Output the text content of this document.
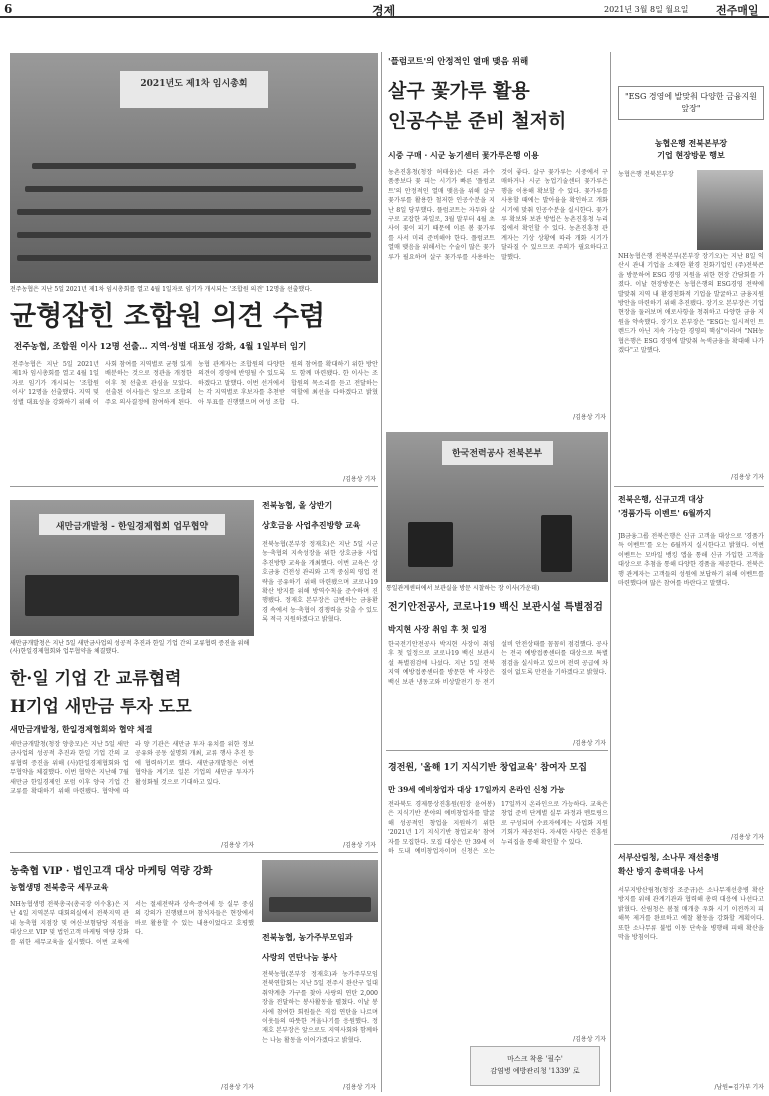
6	경제	2021년 3월 8일 월요일 전주매일
2021년도 제1차 임시총회
전주농협은 지난 5일 2021년 제1차 임시총회를 열고 4월 1일자로 임기가 개시되는 '조합원 의견' 12명을 선출했다.
균형잡힌 조합원 의견 수렴
전주농협, 조합원 이사 12명 선출… 지역·성별 대표성 강화, 4월 1일부터 임기
전주농협은 지난 5일 2021년 제1차 임시총회를 열고 4월 1일자로 임기가 개시되는 '조합원 이사' 12명을 선출했다. 지역 및 성별 대표성을 강화하기 위해 이사회 참여를 지역별로 균형 있게 배분하는 것으로 정관을 개정한 이후 첫 선출로 관심을 모았다. 선출된 이사들은 앞으로 조합의 주요 의사결정에 참여하게 된다. 농협 관계자는 조합원의 다양한 의견이 경영에 반영될 수 있도록 하겠다고 말했다. 이번 선거에서는 각 지역별로 후보자를 추천받아 투표를 진행했으며 여성 조합원의 참여를 확대하기 위한 방안도 함께 마련됐다. 한 이사는 조합원의 목소리를 듣고 전달하는 역할에 최선을 다하겠다고 밝혔다.
/김용상 기자
'플럼코트'의 안정적인 열매 맺음 위해
살구 꽃가루 활용
인공수분 준비 철저히
시중 구매 · 시군 농기센터 꽃가루은행 이용
농촌진흥청(청장 허태웅)은 다른 과수 품종보다 꽃 피는 시기가 빠른 '플럼코트'의 안정적인 열매 맺음을 위해 살구 꽃가루를 활용한 철저한 인공수분을 지난 8일 당부했다. 플럼코트는 자두와 살구로 교잡한 과일로, 3월 말부터 4월 초 사이 꽃이 피기 때문에 이른 봄 꽃가루를 사서 미리 준비해야 한다. 플럼코트 열매 맺음을 위해서는 수술이 많은 꽃가루가 필요하며 살구 꽃가루를 사용하는 것이 좋다. 살구 꽃가루는 시중에서 구매하거나 시군 농업기술센터 꽃가루은행을 이용해 확보할 수 있다. 꽃가루를 사용할 때에는 발아율을 확인하고 개화 시기에 맞춰 인공수분을 실시한다. 꽃가루 확보와 보관 방법은 농촌진흥청 누리집에서 확인할 수 있다. 농촌진흥청 관계자는 기상 상황에 따라 개화 시기가 달라질 수 있으므로 주의가 필요하다고 말했다.
/김용상 기자
한국전력공사 전북본부
통일관계센터에서 보관실을 방문 시찰하는 장 이사(가운데)
"ESG 경영에 발맞춰 다양한 금융지원 앞장"
농협은행 전북본부장
기업 현장방문 행보
농협은행 전북본부장
NH농협은행 전북본부(본부장 장기오)는 지난 8일 익산시 관내 기업을 소재한 환경 친화기업인 (주)전북콘을 방문하여 ESG 경영 지원을 위한 현장 간담회를 가졌다. 이날 현장방문은 농협은행의 ESG경영 전략에 발맞춰 지역 내 환경친화적 기업을 발굴하고 금융지원 방안을 마련하기 위해 추진됐다. 장기오 본부장은 기업 현장을 둘러보며 애로사항을 청취하고 다양한 금융 지원을 약속했다. 장기오 본부장은 "ESG는 일시적인 트렌드가 아닌 지속 가능한 경영의 핵심"이라며 "NH농협은행은 ESG 경영에 발맞춰 녹색금융을 확대해 나가겠다"고 말했다.
/김용상 기자
전북은행, 신규고객 대상
'경품가득 이벤트' 6월까지
JB금융그룹 전북은행은 신규 고객을 대상으로 '경품가득 이벤트'를 오는 6월까지 실시한다고 밝혔다. 이번 이벤트는 모바일 뱅킹 앱을 통해 신규 가입한 고객을 대상으로 추첨을 통해 다양한 경품을 제공한다. 전북은행 관계자는 고객들의 성원에 보답하기 위해 이벤트를 마련했다며 많은 참여를 바란다고 말했다.
/김용상 기자
서부산림청, 소나무 재선충병
확산 방지 총력대응 나서
서부지방산림청(청장 조준규)은 소나무재선충병 확산 방지를 위해 관계기관과 협력해 총력 대응에 나선다고 밝혔다. 산림청은 봄철 매개충 우화 시기 이전까지 피해목 제거를 완료하고 예찰 활동을 강화할 계획이다. 또한 소나무류 불법 이동 단속을 병행해 피해 확산을 막을 방침이다.
/남원=김가부 기자
새만금개발청 - 한일경제협회 업무협약
새만금개발청은 지난 5일 새만금사업의 성공적 추진과 한일 기업 간의 교류협력 증진을 위해 (사)한일경제협회와 업무협약을 체결했다.
한·일 기업 간 교류협력
H기업 새만금 투자 도모
새만금개발청, 한일경제협회와 협약 체결
새만금개발청(청장 양충모)은 지난 5일 새만금사업의 성공적 추진과 한일 기업 간의 교류협력 증진을 위해 (사)한일경제협회와 업무협약을 체결했다. 이번 협약은 지난해 7월 새만금 한일경제인 포럼 이후 양국 기업 간 교류를 확대하기 위해 마련됐다. 협약에 따라 양 기관은 새만금 투자 유치를 위한 정보 공유와 공동 설명회 개최, 교류 행사 추진 등에 협력하기로 했다. 새만금개발청은 이번 협약을 계기로 일본 기업의 새만금 투자가 활성화될 것으로 기대하고 있다.
/김용상 기자
전북농협, 올 상반기
상호금융 사업추진방향 교육
전북농협(본부장 정재호)은 지난 5일 시군 농·축협의 지속성장을 위한 상호금융 사업추진방향 교육을 개최했다. 이번 교육은 상호금융 건전성 관리와 고객 중심의 영업 전략을 공유하기 위해 마련됐으며 코로나19 확산 방지를 위해 방역수칙을 준수하며 진행됐다. 정재호 본부장은 급변하는 금융환경 속에서 농·축협이 경쟁력을 갖출 수 있도록 적극 지원하겠다고 밝혔다.
/김용상 기자
전기안전공사, 코로나19 백신 보관시설 특별점검
박지현 사장 취임 후 첫 일정
한국전기안전공사 박지현 사장이 취임 후 첫 일정으로 코로나19 백신 보관시설 특별점검에 나섰다. 지난 5일 전북 지역 예방접종센터를 방문한 박 사장은 백신 보관 냉동고와 비상발전기 등 전기설비 안전상태를 꼼꼼히 점검했다. 공사는 전국 예방접종센터를 대상으로 특별점검을 실시하고 있으며 전력 공급에 차질이 없도록 만전을 기하겠다고 밝혔다.
/김용상 기자
경전원, '올해 1기 지식기반 창업교육' 참여자 모집
만 39세 예비창업자 대상 17일까지 온라인 신청 가능
전라북도 경제통상진흥원(원장 윤여봉)은 지식기반 분야의 예비창업자를 발굴해 성공적인 창업을 지원하기 위한 '2021년 1기 지식기반 창업교육' 참여자를 모집한다. 모집 대상은 만 39세 이하 도내 예비창업자이며 신청은 오는 17일까지 온라인으로 가능하다. 교육은 창업 준비 단계별 실무 과정과 멘토링으로 구성되며 수료자에게는 사업화 지원 기회가 제공된다. 자세한 사항은 진흥원 누리집을 통해 확인할 수 있다.
/김용상 기자
마스크 착용 '필수'
감염병 예방관리청 '1339' 로
농축협 VIP · 법인고객 대상 마케팅 역량 강화
농협생명 전북총국 세무교육
NH농협생명 전북총국(총국장 이수홍)은 지난 4일 지역본부 대회의실에서 전북지역 관내 농축협 지점장 및 여신·보험담당 직원을 대상으로 VIP 및 법인고객 마케팅 역량 강화를 위한 세무교육을 실시했다. 이번 교육에서는 절세전략과 상속·증여세 등 실무 중심의 강의가 진행됐으며 참석자들은 현장에서 바로 활용할 수 있는 내용이었다고 호평했다.
/김용상 기자
전북농협, 농가주부모임과
사랑의 연탄나눔 봉사
전북농협(본부장 정재호)과 농가주부모임 전북연합회는 지난 5일 전주시 완산구 일대 취약계층 가구를 찾아 사랑의 연탄 2,000장을 전달하는 봉사활동을 펼쳤다. 이날 봉사에 참여한 회원들은 직접 연탄을 나르며 이웃들의 따뜻한 겨울나기를 응원했다. 정재호 본부장은 앞으로도 지역사회와 함께하는 나눔 활동을 이어가겠다고 밝혔다.
/김용상 기자
